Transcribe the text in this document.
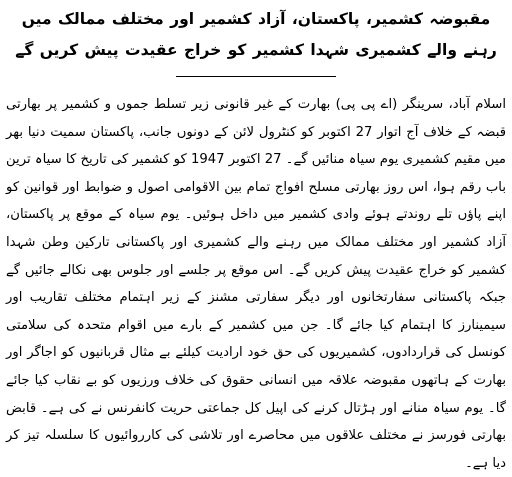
مقبوضہ کشمیر، پاکستان، آزاد کشمیر اور مختلف ممالک میں رہنے والے کشمیری شہدا کشمیر کو خراج عقیدت پیش کریں گے

اسلام آباد، سرینگر (اے پی پی) بھارت کے غیر قانونی زیر تسلط جموں و کشمیر پر بھارتی قبضہ کے خلاف آج اتوار 27 اکتوبر کو کنٹرول لائن کے دونوں جانب، پاکستان سمیت دنیا بھر میں مقیم کشمیری یوم سیاہ منائیں گے۔ 27 اکتوبر 1947 کو کشمیر کی تاریخ کا سیاہ ترین باب رقم ہوا، اس روز بھارتی مسلح افواج تمام بین الاقوامی اصول و ضوابط اور قوانین کو اپنے پاؤں تلے روندتے ہوئے وادی کشمیر میں داخل ہوئیں۔ یوم سیاہ کے موقع پر پاکستان، آزاد کشمیر اور مختلف ممالک میں رہنے والے کشمیری اور پاکستانی تارکین وطن شہدا کشمیر کو خراج عقیدت پیش کریں گے۔ اس موقع پر جلسے اور جلوس بھی نکالے جائیں گے جبکہ پاکستانی سفارتخانوں اور دیگر سفارتی مشنز کے زیر اہتمام مختلف تقاریب اور سیمینارز کا اہتمام کیا جائے گا۔ جن میں کشمیر کے بارے میں اقوام متحدہ کی سلامتی کونسل کی قراردادوں، کشمیریوں کی حق خود ارادیت کیلئے بے مثال قربانیوں کو اجاگر اور بھارت کے ہاتھوں مقبوضہ علاقہ میں انسانی حقوق کی خلاف ورزیوں کو بے نقاب کیا جائے گا۔ یوم سیاہ منانے اور ہڑتال کرنے کی اپیل کل جماعتی حریت کانفرنس نے کی ہے۔ قابض بھارتی فورسز نے مختلف علاقوں میں محاصرے اور تلاشی کی کارروائیوں کا سلسلہ تیز کر دیا ہے۔
